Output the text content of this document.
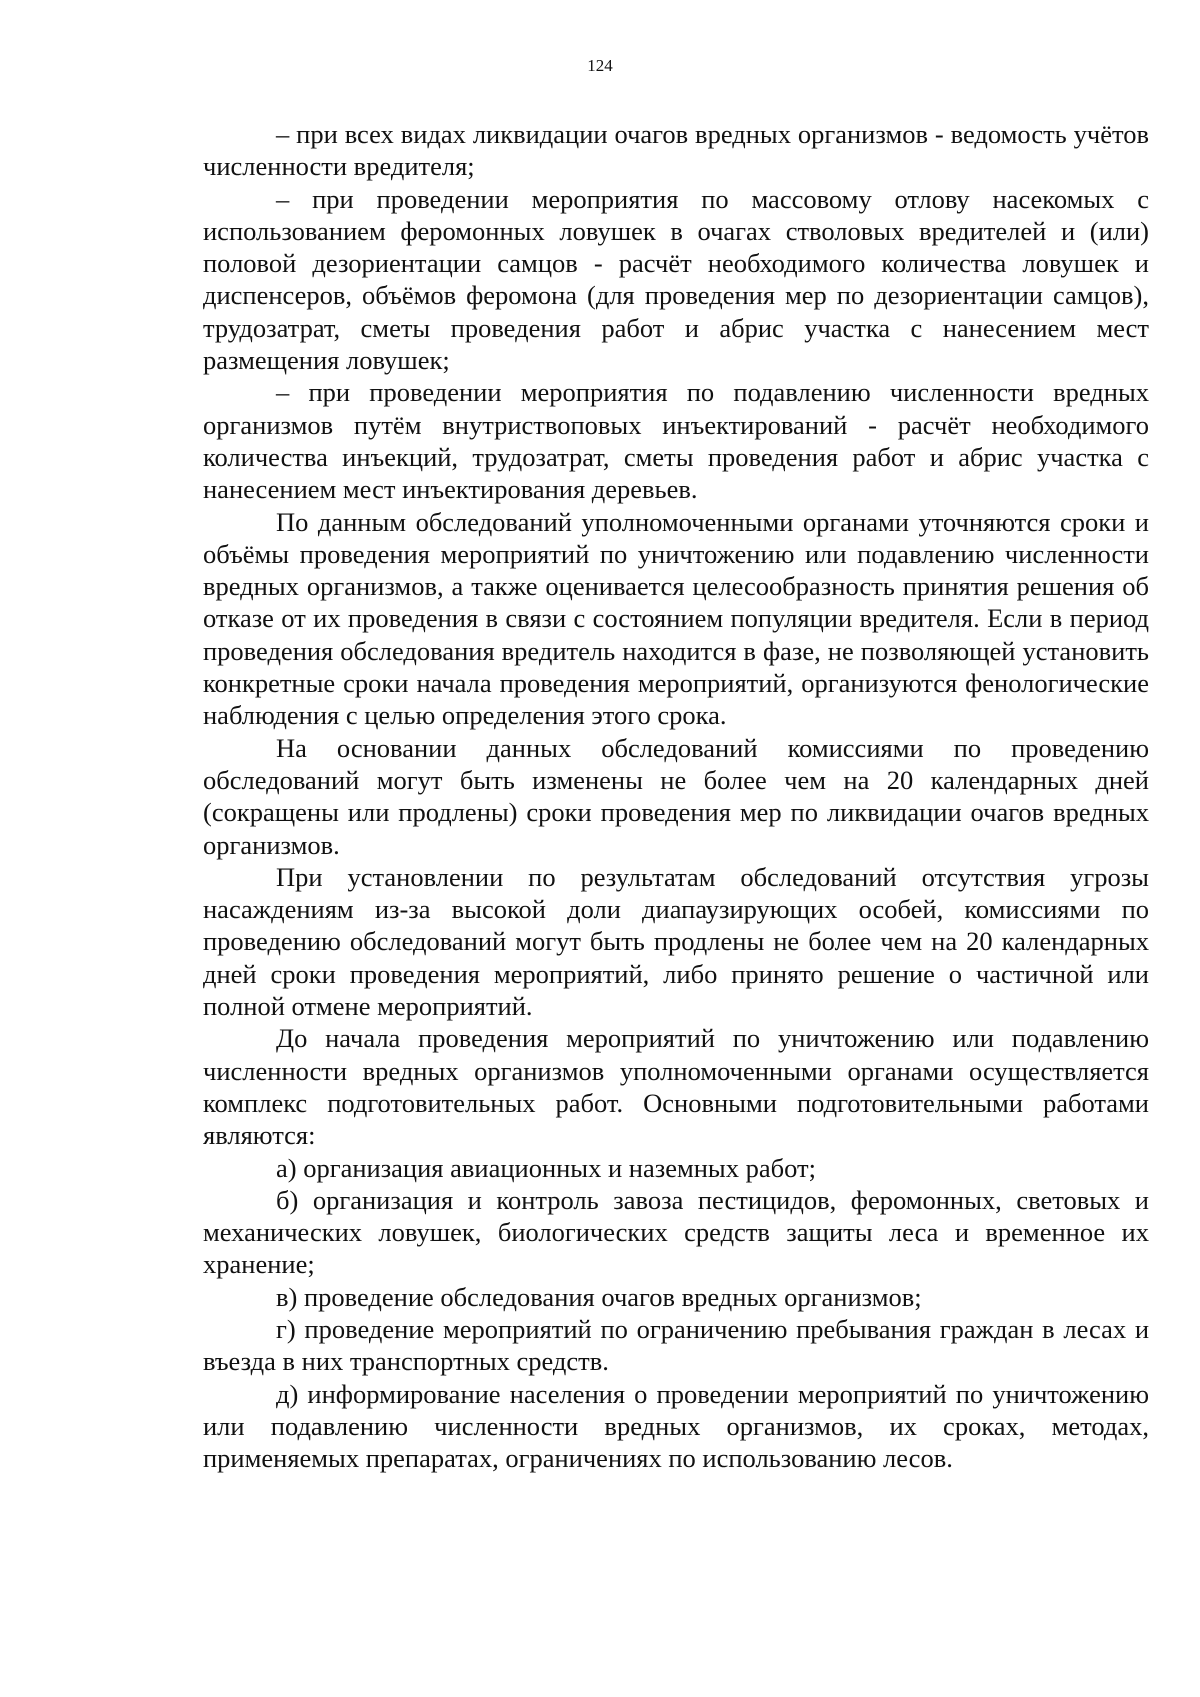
124

– при всех видах ликвидации очагов вредных организмов - ведомость учётов численности вредителя;

– при проведении мероприятия по массовому отлову насекомых с использованием феромонных ловушек в очагах стволовых вредителей и (или) половой дезориентации самцов - расчёт необходимого количества ловушек и диспенсеров, объёмов феромона (для проведения мер по дезориентации самцов), трудозатрат, сметы проведения работ и абрис участка с нанесением мест размещения ловушек;

– при проведении мероприятия по подавлению численности вредных организмов путём внутриствоповых инъектирований - расчёт необходимого количества инъекций, трудозатрат, сметы проведения работ и абрис участка с нанесением мест инъектирования деревьев.

По данным обследований уполномоченными органами уточняются сроки и объёмы проведения мероприятий по уничтожению или подавлению численности вредных организмов, а также оценивается целесообразность принятия решения об отказе от их проведения в связи с состоянием популяции вредителя. Если в период проведения обследования вредитель находится в фазе, не позволяющей установить конкретные сроки начала проведения мероприятий, организуются фенологические наблюдения с целью определения этого срока.

На основании данных обследований комиссиями по проведению обследований могут быть изменены не более чем на 20 календарных дней (сокращены или продлены) сроки проведения мер по ликвидации очагов вредных организмов.

При установлении по результатам обследований отсутствия угрозы насаждениям из-за высокой доли диапаузирующих особей, комиссиями по проведению обследований могут быть продлены не более чем на 20 календарных дней сроки проведения мероприятий, либо принято решение о частичной или полной отмене мероприятий.

До начала проведения мероприятий по уничтожению или подавлению численности вредных организмов уполномоченными органами осуществляется комплекс подготовительных работ. Основными подготовительными работами являются:

а) организация авиационных и наземных работ;

б) организация и контроль завоза пестицидов, феромонных, световых и механических ловушек, биологических средств защиты леса и временное их хранение;

в) проведение обследования очагов вредных организмов;

г) проведение мероприятий по ограничению пребывания граждан в лесах и въезда в них транспортных средств.

д) информирование населения о проведении мероприятий по уничтожению или подавлению численности вредных организмов, их сроках, методах, применяемых препаратах, ограничениях по использованию лесов.
